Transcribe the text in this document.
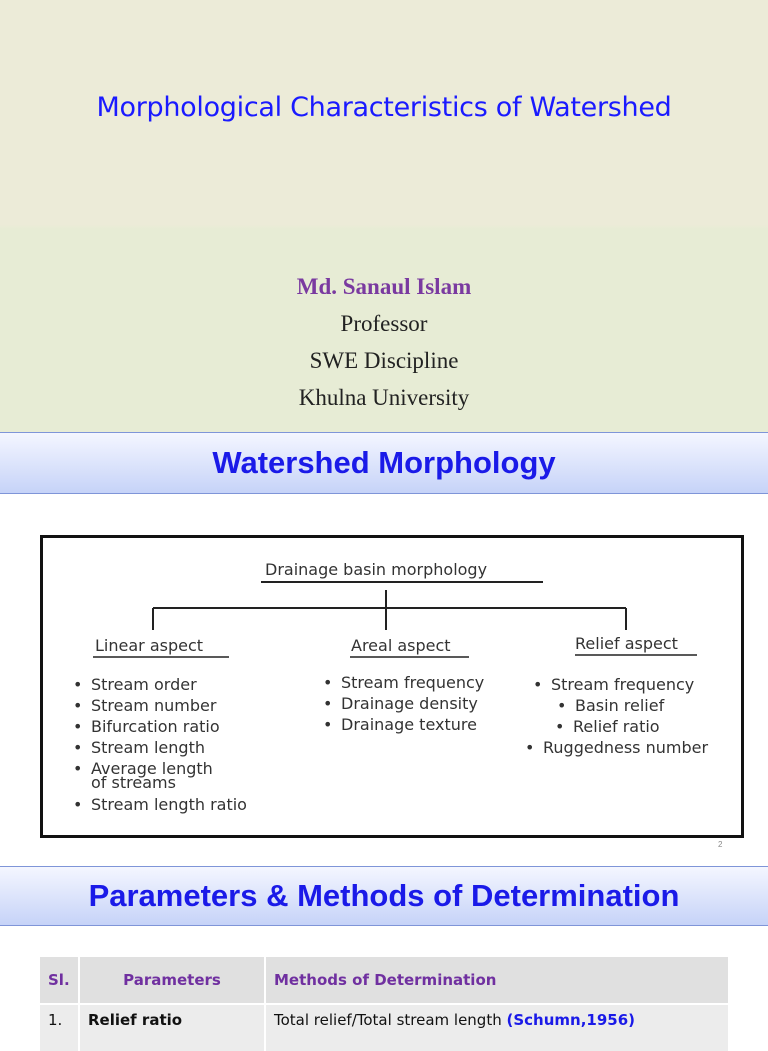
Morphological Characteristics of Watershed
Md. Sanaul Islam
Professor
SWE Discipline
Khulna University
Watershed Morphology
Drainage basin morphology
Linear aspect
• Stream order
• Stream number
• Bifurcation ratio
• Stream length
• Average length
of streams
• Stream length ratio
Areal aspect
• Stream frequency
• Drainage density
• Drainage texture
Relief aspect
• Stream frequency
• Basin relief
• Relief ratio
• Ruggedness number
2
Parameters & Methods of Determination
Sl.	Parameters	Methods of Determination
1.	Relief ratio	Total relief/Total stream length (Schumn,1956)
